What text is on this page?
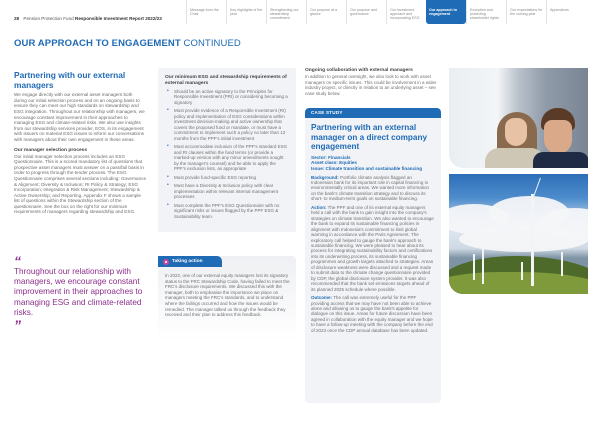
28 Pension Protection Fund Responsible Investment Report 2022/23
Message from the Chair
Key highlights of the year
Strengthening our stewardship commitment
Our purpose at a glance
Our purpose and governance
Our investment approach and incorporating ESG
Our approach to engagement
Exception and protecting shareholder rights
Our expectations for the coming year
Appendices
OUR APPROACH TO ENGAGEMENT CONTINUED
Partnering with our external managers

We engage directly with our external asset managers both during our initial selection process and on an ongoing basis to ensure they can meet our high standards on stewardship and ESG integration. Throughout our relationship with managers, we encourage constant improvement in their approaches to managing ESG and climate-related risks. We also use insights from our stewardship services provider, EOS, in its engagement with issuers on material ESG issues to inform our conversations with managers about their own engagement in these areas.

Our manager selection process

Our initial manager selection process includes an ESG Questionnaire. This is a scored mandatory list of questions that prospective asset managers must answer on a pass/fail basis in order to progress through the tender process. The ESG Questionnaire comprises several sections including: Governance & Alignment; Diversity & Inclusion; RI Policy & Strategy; ESG Incorporation; Integration & Risk Management; Stewardship & Active Ownership; and Reporting. Appendix F shows a sample list of questions within the Stewardship section of the questionnaire. See the box on the right for our minimum requirements of managers regarding stewardship and ESG.

“
Throughout our relationship with managers, we encourage constant improvement in their approaches to managing ESG and climate-related risks.
”
Our minimum ESG and stewardship requirements of external managers
• Should be an active signatory to the Principles for Responsible Investment (PRI) or considering becoming a signatory
• Must provide evidence of a Responsible Investment (RI) policy and implementation of ESG considerations within investment decision-making and active ownership that covers the proposed fund or mandate, or must have a commitment to implement such a policy no later than 12 months from the PPF's initial investment
• Must accommodate inclusion of the PPF's standard ESG and RI clauses within the fund terms (or provide a marked-up version with any minor amendments sought by the manager's counsel) and be able to apply the PPF's exclusion lists, as appropriate
• Must provide fund-specific ESG reporting
• Must have a Diversity & Inclusion policy with clear implementation within relevant internal management processes
• Must complete the PPF's ESG Questionnaire with no significant risks or issues flagged by the PPF ESG & Sustainability team.
Taking action
In 2022, one of our external equity managers lost its signatory status to the FRC Stewardship Code, having failed to meet the FRC's disclosure requirements. We discussed this with the manager, both to emphasise the importance we place on managers meeting the FRC's standards, and to understand where the failings occurred and how the issues would be remedied. The manager talked us through the feedback they received and their plan to address this feedback.
Ongoing collaboration with external managers

In addition to general oversight, we also look to work with asset managers on specific issues. This could be involvement in a wider industry project, or directly in relation to an underlying asset – see case study below.

CASE STUDY
Partnering with an external manager on a direct company engagement
Sector: Financials
Asset class: Equities
Issue: Climate transition and sustainable financing

Background: Portfolio climate analysis flagged an Indonesian bank for its important role in capital financing in environmentally critical areas. We wanted more information on the bank's climate transition strategy and to discuss its short- to medium-term goals on sustainable financing.

Action: The PPF and one of its external equity managers held a call with the bank to gain insight into the company's strategies on climate transition. We also wanted to encourage the bank to expand its sustainable financing policies in alignment with Indonesia's commitment to limit global warming in accordance with the Paris Agreement. The exploratory call helped to gauge the bank's approach to sustainable financing. We were pleased to hear about its process for integrating sustainability factors and certifications into its underwriting process, its sustainable financing programmes and growth targets attached to strategies. Areas of disclosure weakness were discussed and a request made to submit data to the climate change questionnaire provided by CDP, the global disclosure system provider. It was also recommended that the bank set emissions targets ahead of its planned 2025 schedule where possible.

Outcome: The call was extremely useful for the PPF providing access that we may have not been able to achieve alone and allowing us to gauge the bank's appetite for dialogue on this issue. Areas for future discussion have been agreed in collaboration with the equity manager and we hope to have a follow-up meeting with the company before the end of 2023 once the CDP annual database has been updated.
